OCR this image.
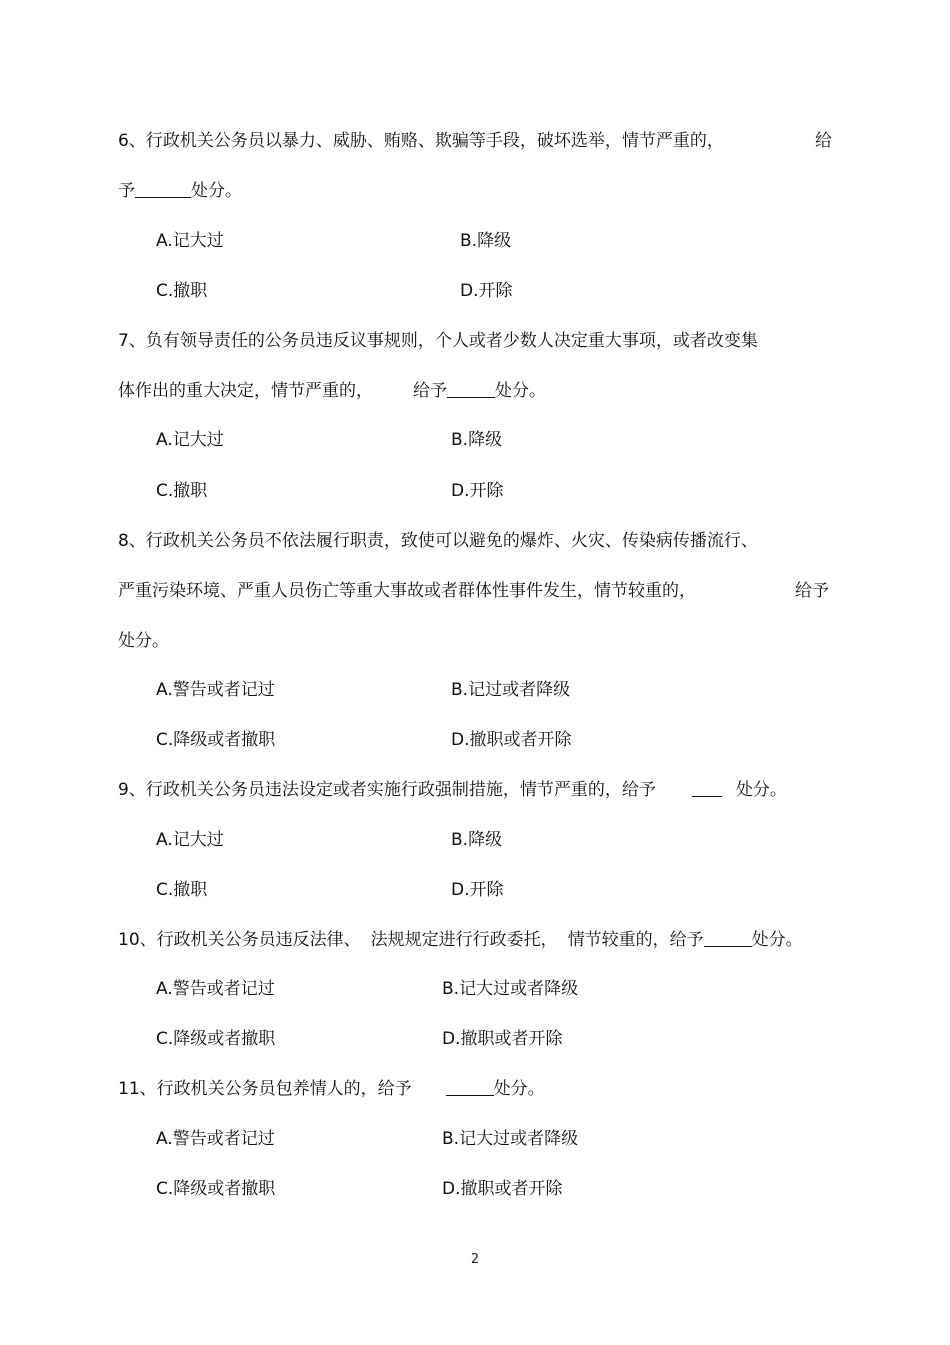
6、行政机关公务员以暴力、威胁、贿赂、欺骗等手段，破坏选举，情节严重的，	给
予	处分。
A.记大过	B.降级
C.撤职	D.开除
7、负有领导责任的公务员违反议事规则，个人或者少数人决定重大事项，或者改变集
体作出的重大决定，情节严重的， 给予	处分。
A.记大过	B.降级
C.撤职	D.开除
8、行政机关公务员不依法履行职责，致使可以避免的爆炸、火灾、传染病传播流行、
严重污染环境、严重人员伤亡等重大事故或者群体性事件发生，情节较重的，	给予
处分。
A.警告或者记过	B.记过或者降级
C.降级或者撤职	D.撤职或者开除
9、行政机关公务员违法设定或者实施行政强制措施，情节严重的，给予	处分。
A.记大过	B.降级
C.撤职	D.开除
10、行政机关公务员违反法律、 法规规定进行行政委托， 情节较重的，给予	处分。
A.警告或者记过	B.记大过或者降级
C.降级或者撤职	D.撤职或者开除
11、行政机关公务员包养情人的，给予	处分。
A.警告或者记过	B.记大过或者降级
C.降级或者撤职	D.撤职或者开除
2
